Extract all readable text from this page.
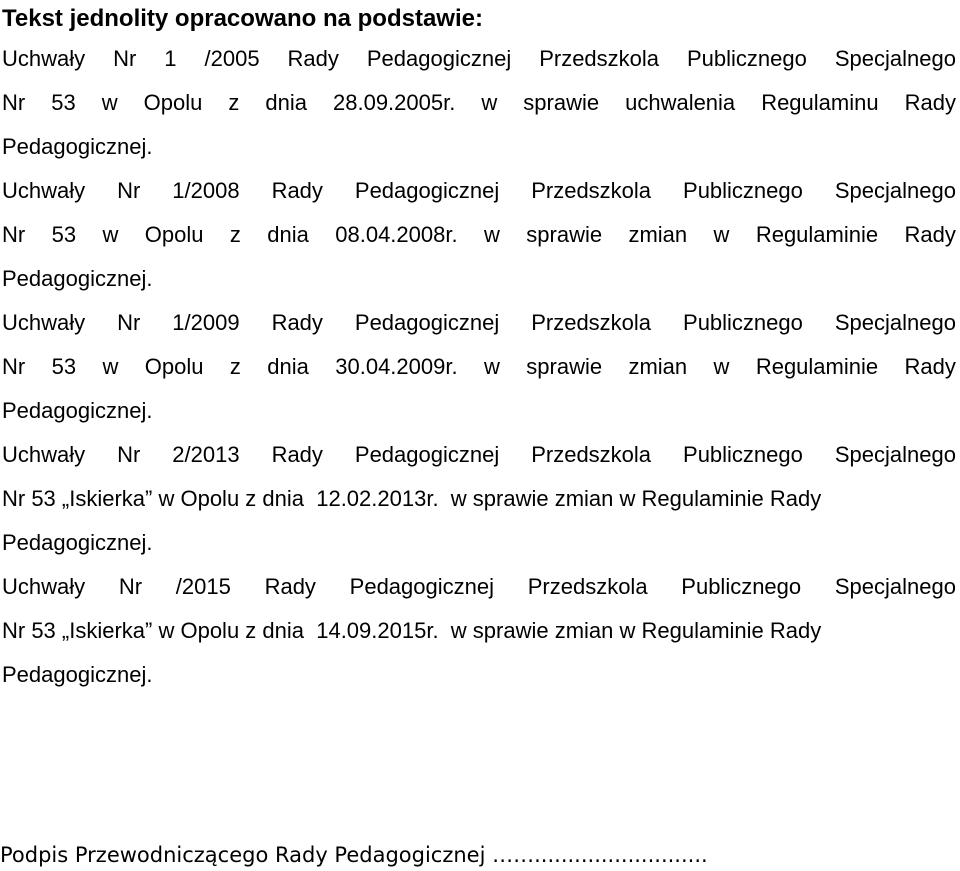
Tekst jednolity opracowano na podstawie:
Uchwały Nr 1 /2005 Rady Pedagogicznej Przedszkola Publicznego Specjalnego
Nr 53 w Opolu z dnia 28.09.2005r. w sprawie uchwalenia Regulaminu Rady
Pedagogicznej.
Uchwały Nr 1/2008 Rady Pedagogicznej Przedszkola Publicznego Specjalnego
Nr 53 w Opolu z dnia 08.04.2008r. w sprawie zmian w Regulaminie Rady
Pedagogicznej.
Uchwały Nr 1/2009 Rady Pedagogicznej Przedszkola Publicznego Specjalnego
Nr 53 w Opolu z dnia 30.04.2009r. w sprawie zmian w Regulaminie Rady
Pedagogicznej.
Uchwały Nr 2/2013 Rady Pedagogicznej Przedszkola Publicznego Specjalnego
Nr 53 „Iskierka” w Opolu z dnia  12.02.2013r.  w sprawie zmian w Regulaminie Rady
Pedagogicznej.
Uchwały Nr /2015 Rady Pedagogicznej Przedszkola Publicznego Specjalnego
Nr 53 „Iskierka” w Opolu z dnia  14.09.2015r.  w sprawie zmian w Regulaminie Rady
Pedagogicznej.
Podpis Przewodniczącego Rady Pedagogicznej ……..........................
